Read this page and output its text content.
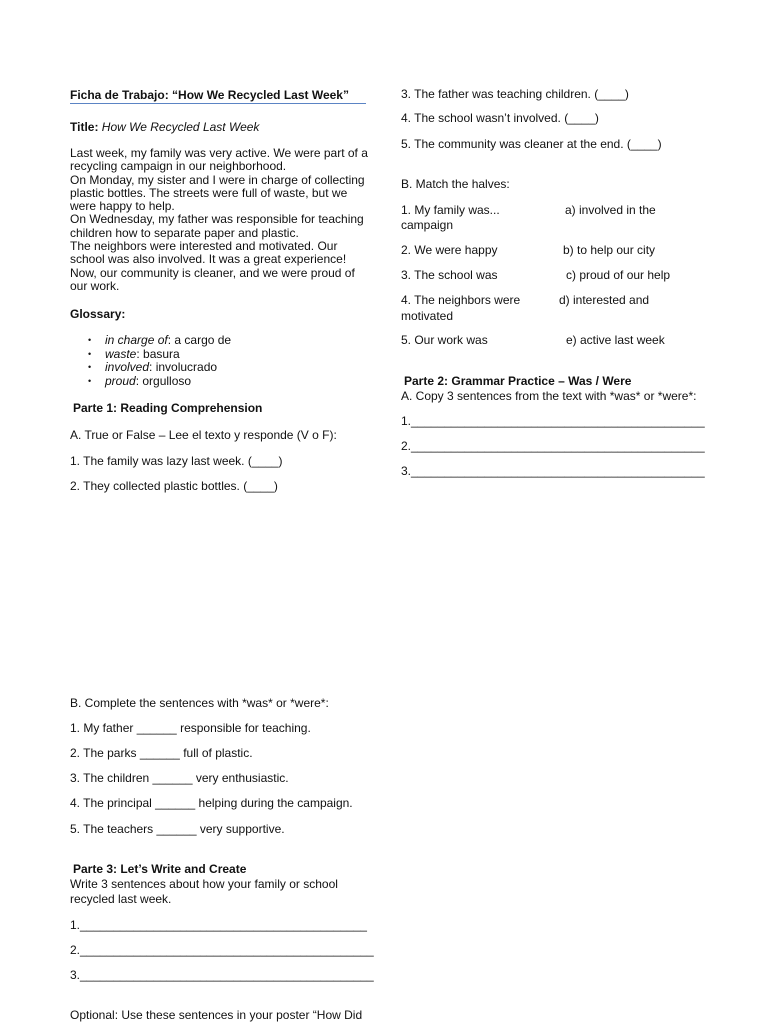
Ficha de Trabajo: “How We Recycled Last Week”
Title: How We Recycled Last Week

Last week, my family was very active. We were part of a recycling campaign in our neighborhood.

On Monday, my sister and I were in charge of collecting plastic bottles. The streets were full of waste, but we were happy to help.

On Wednesday, my father was responsible for teaching children how to separate paper and plastic.

The neighbors were interested and motivated. Our school was also involved. It was a great experience!

Now, our community is cleaner, and we were proud of our work.

Glossary:
• in charge of: a cargo de
• waste: basura
• involved: involucrado
• proud: orgulloso
Parte 1: Reading Comprehension
A. True or False – Lee el texto y responde (V o F):
1. The family was lazy last week. (____)
2. They collected plastic bottles. (____)
3. The father was teaching children. (____)
4. The school wasn’t involved. (____)
5. The community was cleaner at the end. (____)
B. Match the halves:
1. My family was...	a) involved in the
campaign
2. We were happy	b) to help our city
3. The school was	c) proud of our help
4. The neighbors were	d) interested and
motivated
5. Our work was	e) active last week
Parte 2: Grammar Practice – Was / Were
A. Copy 3 sentences from the text with *was* or *were*:
1.____________________________________________
2.____________________________________________
3.____________________________________________
B. Complete the sentences with *was* or *were*:
1. My father ______ responsible for teaching.
2. The parks ______ full of plastic.
3. The children ______ very enthusiastic.
4. The principal ______ helping during the campaign.
5. The teachers ______ very supportive.
Parte 3: Let’s Write and Create
Write 3 sentences about how your family or school recycled last week.
1.___________________________________________
2.____________________________________________
3.____________________________________________
Optional: Use these sentences in your poster “How Did
